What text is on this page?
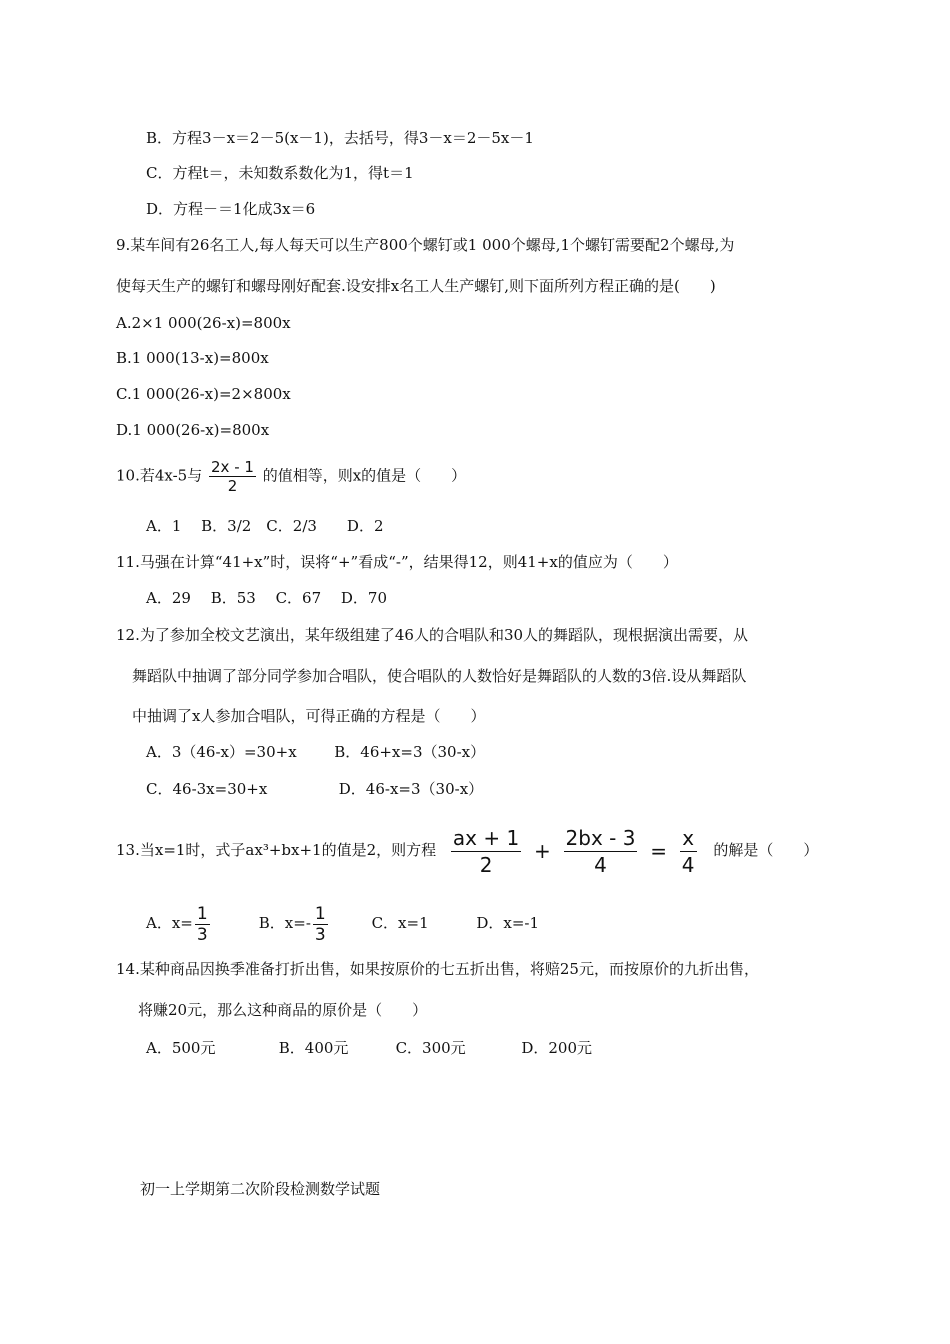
B．方程3－x＝2－5(x－1)，去括号，得3－x＝2－5x－1
C．方程t＝，未知数系数化为1，得t＝1
D．方程－＝1化成3x＝6
9.某车间有26名工人,每人每天可以生产800个螺钉或1 000个螺母,1个螺钉需要配2个螺母,为
使每天生产的螺钉和螺母刚好配套.设安排x名工人生产螺钉,则下面所列方程正确的是(　　)
A.2×1 000(26-x)=800x
B.1 000(13-x)=800x
C.1 000(26-x)=2×800x
D.1 000(26-x)=800x
10.若4x-5与 $\frac{2x - 1}{2}$ 的值相等，则x的值是（　　）
A．1　 B．3/2　C．2/3　　D．2
11.马强在计算“41+x”时，误将“+”看成“-”，结果得12，则41+x的值应为（　　）
A．29　 B．53　 C．67　 D．70
12.为了参加全校文艺演出，某年级组建了46人的合唱队和30人的舞蹈队，现根据演出需要，从
舞蹈队中抽调了部分同学参加合唱队，使合唱队的人数恰好是舞蹈队的人数的3倍.设从舞蹈队
中抽调了x人参加合唱队，可得正确的方程是（　　）
A．3（46-x）=30+x	B．46+x=3（30-x）
C．46-3x=30+x	D．46-x=3（30-x）
13.当x=1时，式子ax³+bx+1的值是2，则方程 $\frac{ax + 1}{2} + \frac{2bx - 3}{4} = \frac{x}{4}$ 的解是（　　）
A．$x= \frac{1}{3}$	B．$x=- \frac{1}{3}$	C．x=1	D．x=-1
14.某种商品因换季准备打折出售，如果按原价的七五折出售，将赔25元，而按原价的九折出售，
将赚20元，那么这种商品的原价是（　　）
A．500元	B．400元	C．300元	D．200元
初一上学期第二次阶段检测数学试题
